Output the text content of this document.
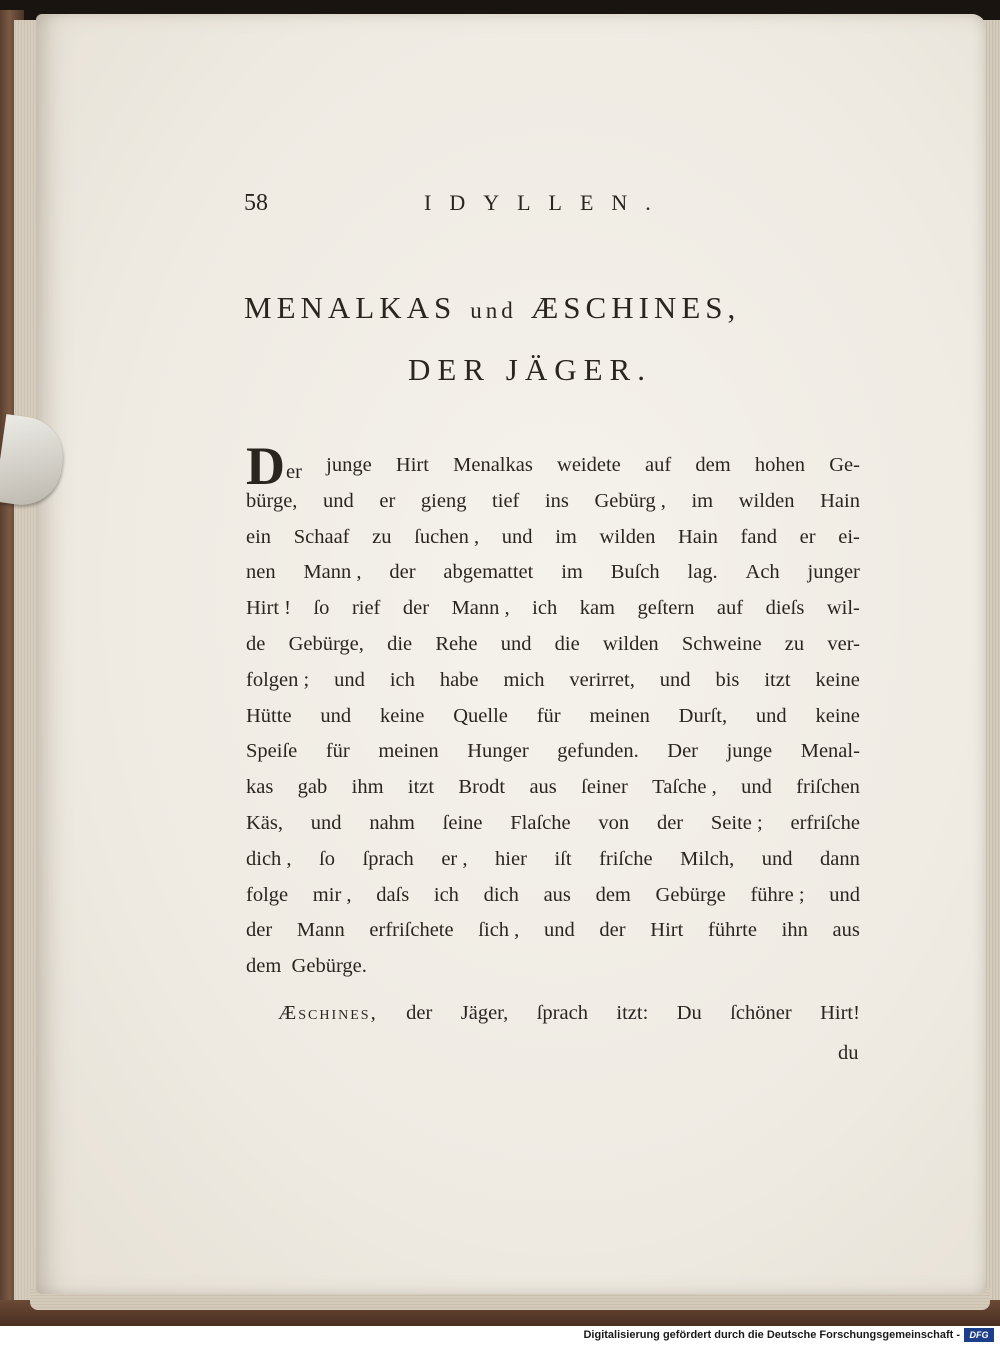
58	IDYLLEN.
MENALKAS und ÆSCHINES,
DER JÄGER.
Der junge Hirt Menalkas weidete auf dem hohen Ge-
bürge, und er gieng tief ins Gebürg , im wilden Hain
ein Schaaf zu ſuchen , und im wilden Hain fand er ei-
nen Mann , der abgemattet im Buſch lag. Ach junger
Hirt ! ſo rief der Mann , ich kam geſtern auf dieſs wil-
de Gebürge, die Rehe und die wilden Schweine zu ver-
folgen ; und ich habe mich verirret, und bis itzt keine
Hütte und keine Quelle für meinen Durſt, und keine
Speiſe für meinen Hunger gefunden. Der junge Menal-
kas gab ihm itzt Brodt aus ſeiner Taſche , und friſchen
Käs, und nahm ſeine Flaſche von der Seite ; erfriſche
dich , ſo ſprach er , hier iſt friſche Milch, und dann
folge mir , daſs ich dich aus dem Gebürge führe ; und
der Mann erfriſchete ſich , und der Hirt führte ihn aus
dem  Gebürge.
ÆSCHINES, der Jäger, ſprach itzt: Du ſchöner Hirt!
du
Digitalisierung gefördert durch die Deutsche Forschungsgemeinschaft -	DFG
